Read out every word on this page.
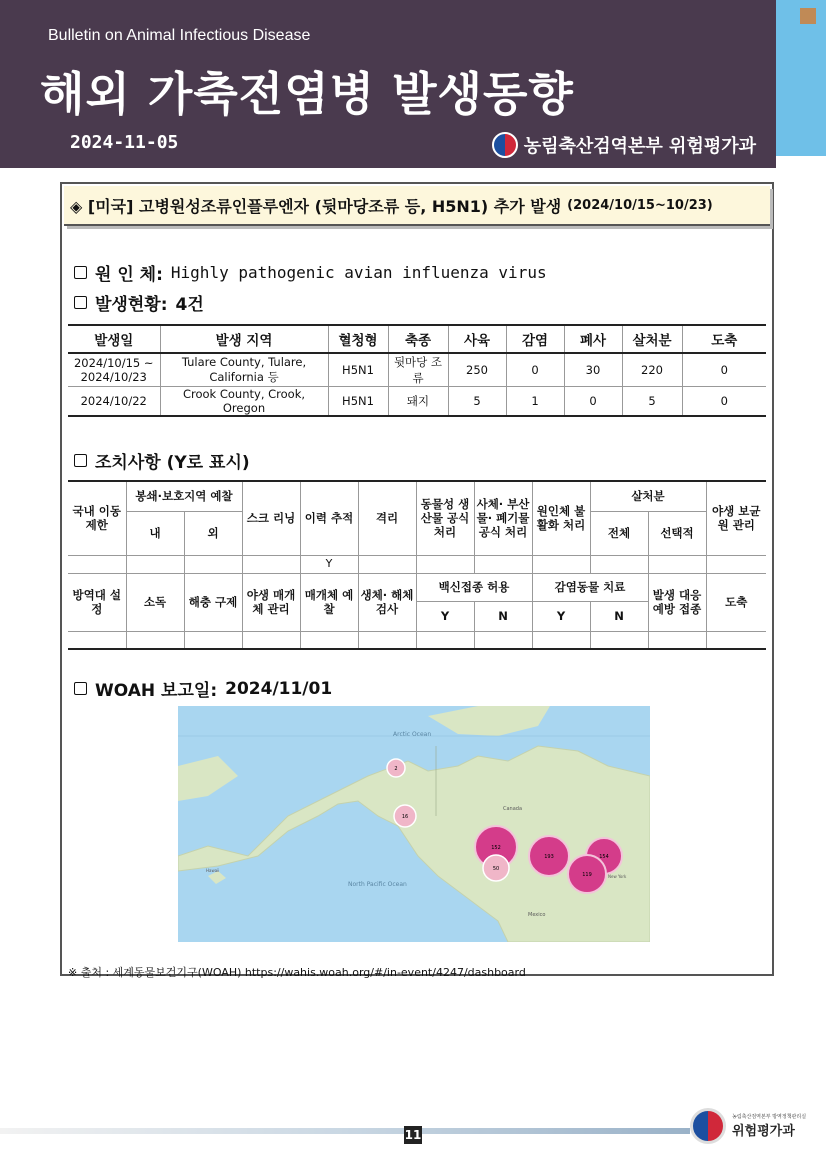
Bulletin on Animal Infectious Disease
해외 가축전염병 발생동향
2024-11-05	농림축산검역본부 위험평가과
◈ [미국] 고병원성조류인플루엔자 (뒷마당조류 등, H5N1) 추가 발생 (2024/10/15~10/23)
원 인 체: Highly pathogenic avian influenza virus
발생현황: 4건
발생일	발생 지역	혈청형	축종	사육	감염	폐사	살처분	도축
2024/10/15 ~ 2024/10/23	Tulare County, Tulare, California 등	H5N1	뒷마당 조류	250	0	30	220	0
2024/10/22	Crook County, Crook, Oregon	H5N1	돼지	5	1	0	5	0
조치사항 (Y로 표시)
국내 이동 제한	봉쇄·보호지역 예찰		스크 리닝	이력 추적	격리	동물성 생산물 공식 처리	사체· 부산물· 폐기물 공식 처리	원인체 불활화 처리	살처분		야생 보균원 관리
	내	외							전체	선택적	
				Y							
방역대 설정	소독	해충 구제	야생 매개체 관리	매개체 예찰	생체· 해체 검사	백신접종 허용		감염동물 치료		발생 대응 예방 접종	도축
						Y	N	Y	N		

WOAH 보고일: 2024/11/01
Arctic Ocean
North Pacific Ocean
Canada
Mexico
Hawaii
New York
2
16
152
50
193	154
119
※ 출처 : 세계동물보건기구(WOAH) https://wahis.woah.org/#/in-event/4247/dashboard
11
농림축산검역본부 방역정책관리실
위험평가과
